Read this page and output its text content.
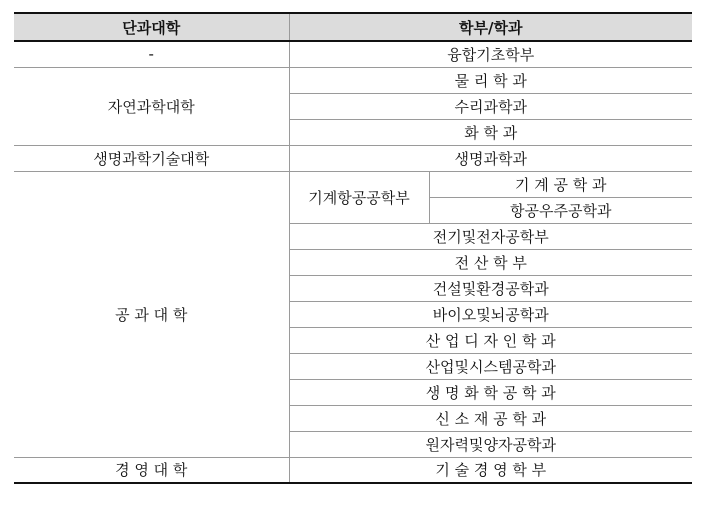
단과대학	학부/학과	
-	융합기초학부	
자연과학대학	물 리 학 과	
	수리과학과	
	화 학 과	
생명과학기술대학	생명과학과	
공 과 대 학	기계항공공학부	기 계 공 학 과
		항공우주공학과
	전기및전자공학부	
	전 산 학 부	
	건설및환경공학과	
	바이오및뇌공학과	
	산 업 디 자 인 학 과	
	산업및시스템공학과	
	생 명 화 학 공 학 과	
	신 소 재 공 학 과	
	원자력및양자공학과	
경 영 대 학	기 술 경 영 학 부	
